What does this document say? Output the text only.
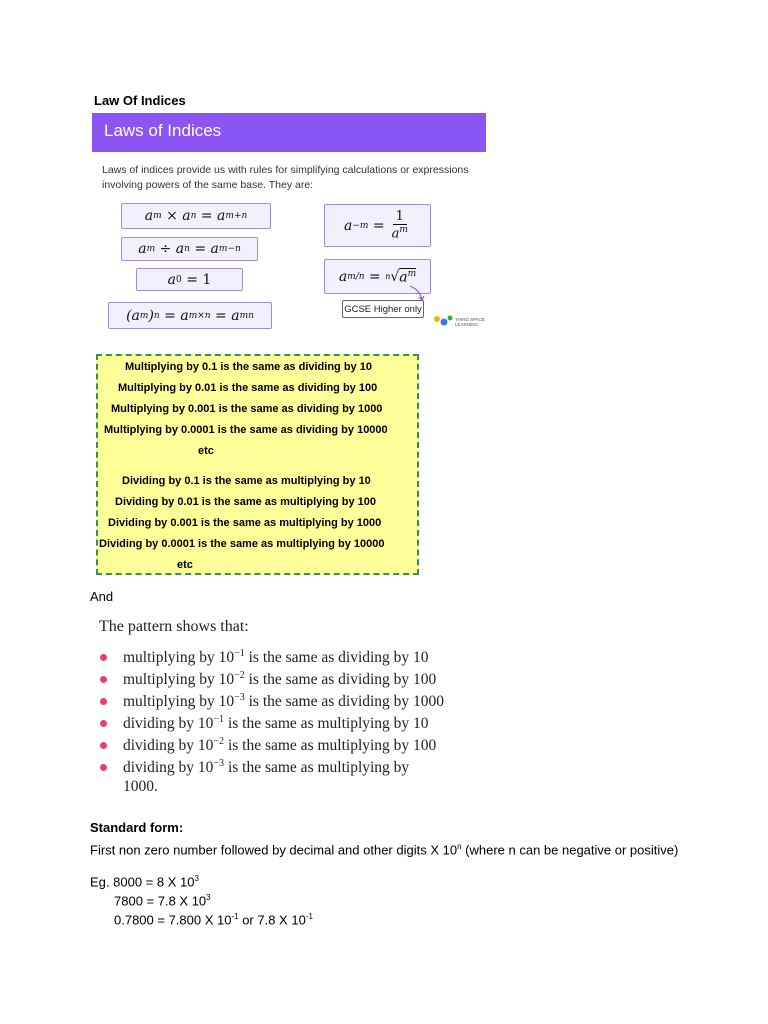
Law Of Indices
Laws of Indices
Laws of indices provide us with rules for simplifying calculations or expressions involving powers of the same base. They are:
a m
×
a n
=
a m+n
a m
÷
a n
=
a m−n
a 0
=
1
(a m ) n
=
a m×n
=
a mn
a −m
= $\frac{1}{a^m}$
a m/n
=
n √ $a^m$
GCSE Higher only
THIRD SPACE
LEARNING
Multiplying by 0.1 is the same as dividing by 10
Multiplying by 0.01 is the same as dividing by 100
Multiplying by 0.001 is the same as dividing by 1000
Multiplying by 0.0001 is the same as dividing by 10000
etc
Dividing by 0.1 is the same as multiplying by 10
Dividing by 0.01 is the same as multiplying by 100
Dividing by 0.001 is the same as multiplying by 1000
Dividing by 0.0001 is the same as multiplying by 10000
etc
And
The pattern shows that:
multiplying by $10^{-1}$ is the same as dividing by 10
multiplying by $10^{-2}$ is the same as dividing by 100
multiplying by $10^{-3}$ is the same as dividing by 1000
dividing by $10^{-1}$ is the same as multiplying by 10
dividing by $10^{-2}$ is the same as multiplying by 100
dividing by $10^{-3}$ is the same as multiplying by
1000.
Standard form:
First non zero number followed by decimal and other digits X 10$^n$ (where n can be negative or positive)
Eg. 8000 = 8 X $10^3$
7800 = 7.8 X $10^3$
0.7800 = 7.800 X $10^{-1}$ or 7.8 X $10^{-1}$
